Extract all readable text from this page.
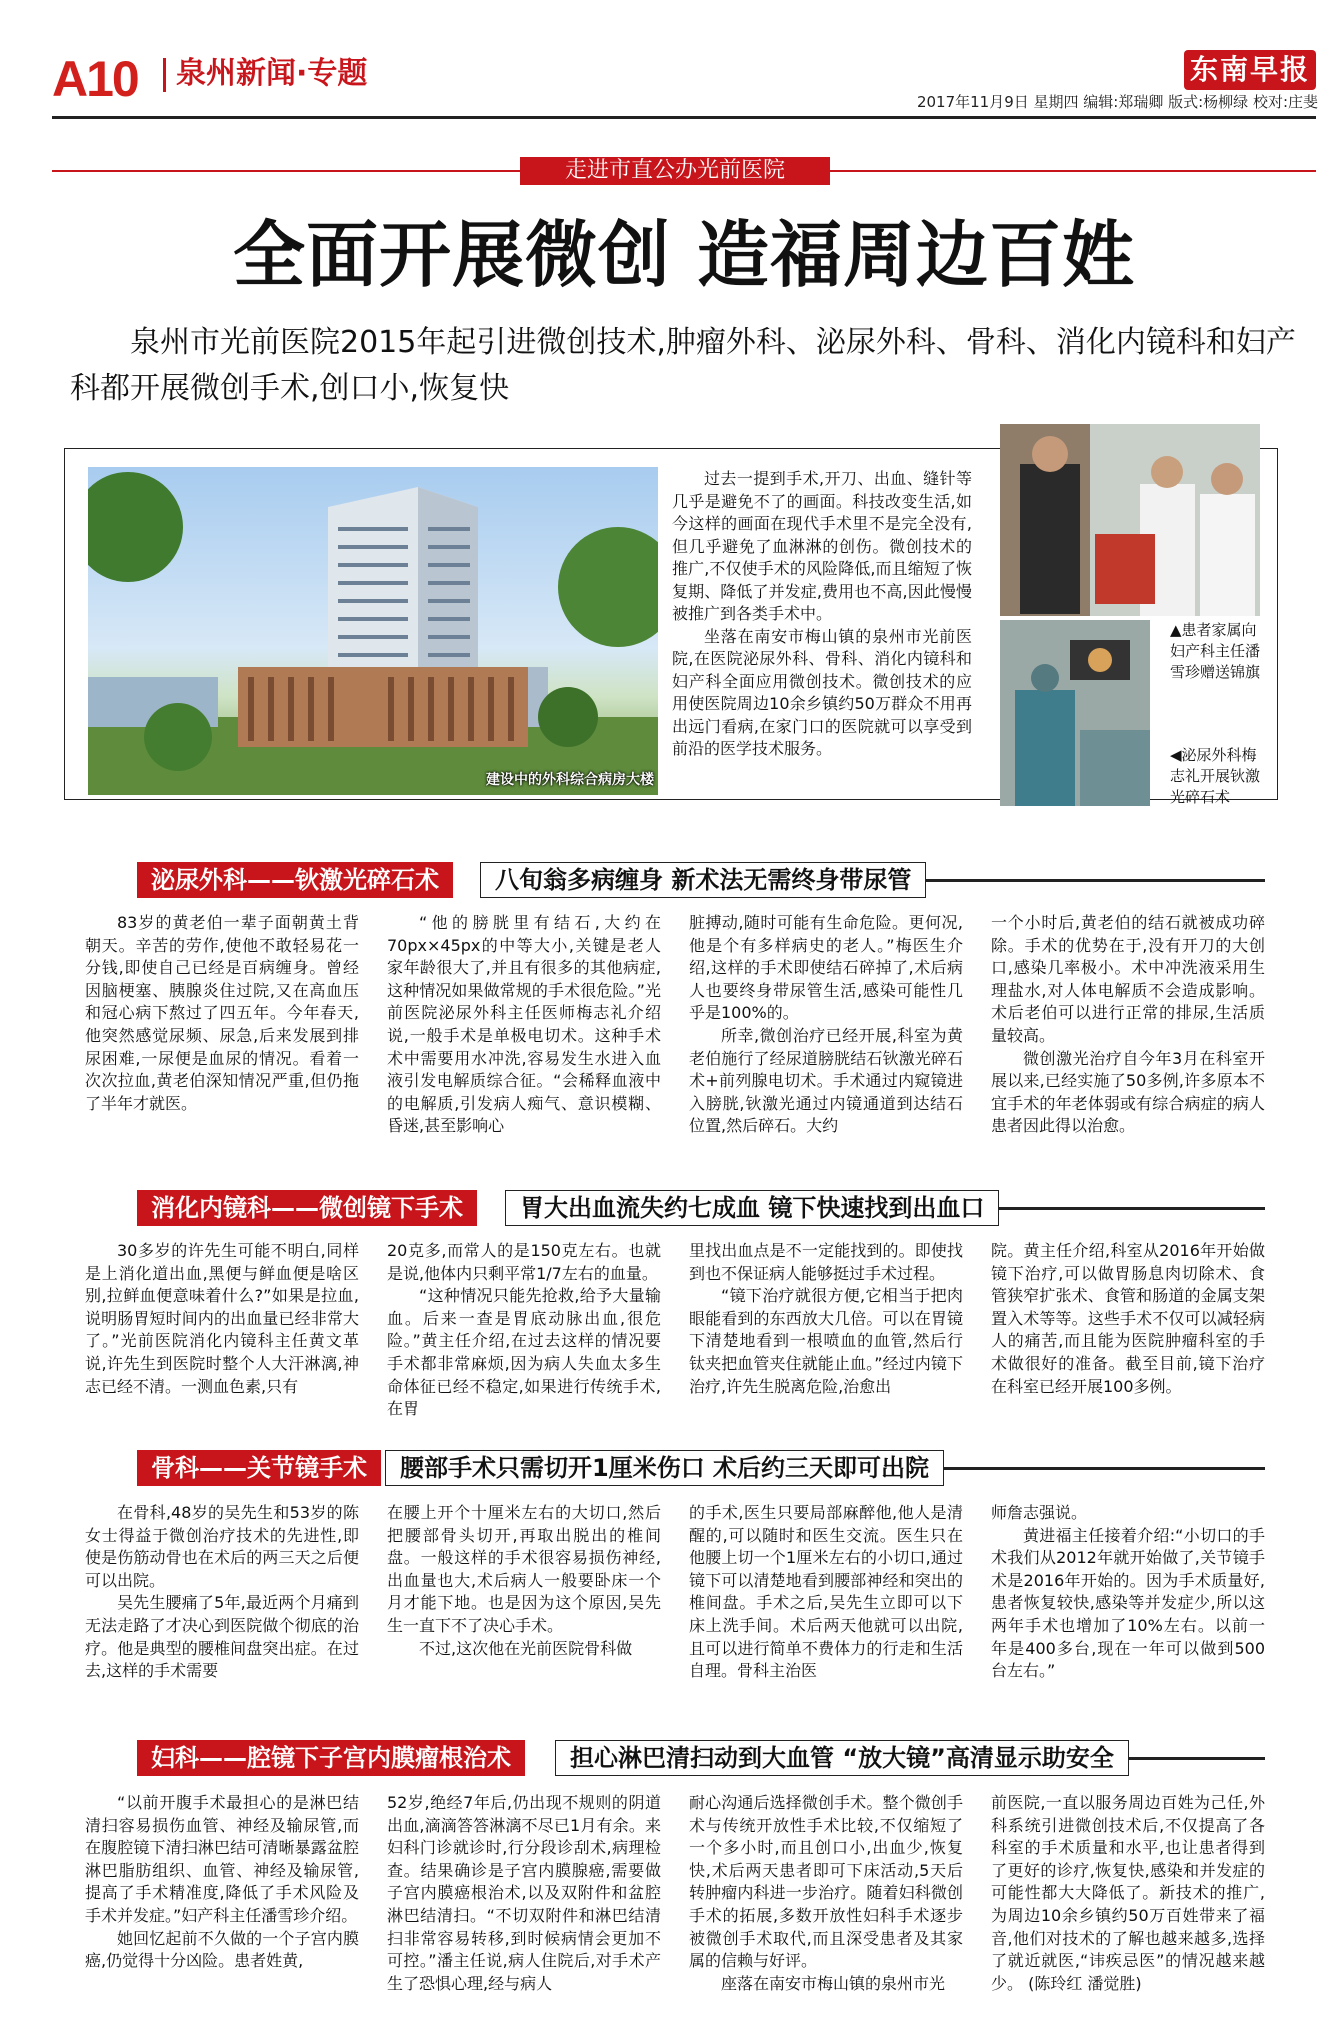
A10	泉州新闻·专题	东南早报
2017年11月9日 星期四 编辑:郑瑞卿 版式:杨柳绿 校对:庄斐
走进市直公办光前医院
全面开展微创 造福周边百姓
泉州市光前医院2015年起引进微创技术,肿瘤外科、泌尿外科、骨科、消化内镜科和妇产科都开展微创手术,创口小,恢复快
建设中的外科综合病房大楼

过去一提到手术,开刀、出血、缝针等几乎是避免不了的画面。科技改变生活,如今这样的画面在现代手术里不是完全没有,但几乎避免了血淋淋的创伤。微创技术的推广,不仅使手术的风险降低,而且缩短了恢复期、降低了并发症,费用也不高,因此慢慢被推广到各类手术中。

坐落在南安市梅山镇的泉州市光前医院,在医院泌尿外科、骨科、消化内镜科和妇产科全面应用微创技术。微创技术的应用使医院周边10余乡镇约50万群众不用再出远门看病,在家门口的医院就可以享受到前沿的医学技术服务。

▲患者家属向妇产科主任潘雪珍赠送锦旗
◀泌尿外科梅志礼开展钬激光碎石术
泌尿外科——钬激光碎石术	八旬翁多病缠身 新术法无需终身带尿管

83岁的黄老伯一辈子面朝黄土背朝天。辛苦的劳作,使他不敢轻易花一分钱,即使自己已经是百病缠身。曾经因脑梗塞、胰腺炎住过院,又在高血压和冠心病下熬过了四五年。今年春天,他突然感觉尿频、尿急,后来发展到排尿困难,一尿便是血尿的情况。看着一次次拉血,黄老伯深知情况严重,但仍拖了半年才就医。

“他的膀胱里有结石,大约在70px×45px的中等大小,关键是老人家年龄很大了,并且有很多的其他病症,这种情况如果做常规的手术很危险。”光前医院泌尿外科主任医师梅志礼介绍说,一般手术是单极电切术。这种手术术中需要用水冲洗,容易发生水进入血液引发电解质综合征。“会稀释血液中的电解质,引发病人痴气、意识模糊、昏迷,甚至影响心

脏搏动,随时可能有生命危险。更何况,他是个有多样病史的老人。”梅医生介绍,这样的手术即使结石碎掉了,术后病人也要终身带尿管生活,感染可能性几乎是100%的。

所幸,微创治疗已经开展,科室为黄老伯施行了经尿道膀胱结石钬激光碎石术+前列腺电切术。手术通过内窥镜进入膀胱,钬激光通过内镜通道到达结石位置,然后碎石。大约

一个小时后,黄老伯的结石就被成功碎除。手术的优势在于,没有开刀的大创口,感染几率极小。术中冲洗液采用生理盐水,对人体电解质不会造成影响。术后老伯可以进行正常的排尿,生活质量较高。

微创激光治疗自今年3月在科室开展以来,已经实施了50多例,许多原本不宜手术的年老体弱或有综合病症的病人患者因此得以治愈。

消化内镜科——微创镜下手术	胃大出血流失约七成血 镜下快速找到出血口

30多岁的许先生可能不明白,同样是上消化道出血,黑便与鲜血便是啥区别,拉鲜血便意味着什么?”如果是拉血,说明肠胃短时间内的出血量已经非常大了。”光前医院消化内镜科主任黄文革说,许先生到医院时整个人大汗淋漓,神志已经不清。一测血色素,只有

20克多,而常人的是150克左右。也就是说,他体内只剩平常1/7左右的血量。

“这种情况只能先抢救,给予大量输血。后来一查是胃底动脉出血,很危险。”黄主任介绍,在过去这样的情况要手术都非常麻烦,因为病人失血太多生命体征已经不稳定,如果进行传统手术,在胃

里找出血点是不一定能找到的。即使找到也不保证病人能够挺过手术过程。

“镜下治疗就很方便,它相当于把肉眼能看到的东西放大几倍。可以在胃镜下清楚地看到一根喷血的血管,然后行钛夹把血管夹住就能止血。”经过内镜下治疗,许先生脱离危险,治愈出

院。黄主任介绍,科室从2016年开始做镜下治疗,可以做胃肠息肉切除术、食管狭窄扩张术、食管和肠道的金属支架置入术等等。这些手术不仅可以减轻病人的痛苦,而且能为医院肿瘤科室的手术做很好的准备。截至目前,镜下治疗在科室已经开展100多例。

骨科——关节镜手术	腰部手术只需切开1厘米伤口 术后约三天即可出院

在骨科,48岁的吴先生和53岁的陈女士得益于微创治疗技术的先进性,即使是伤筋动骨也在术后的两三天之后便可以出院。

吴先生腰痛了5年,最近两个月痛到无法走路了才决心到医院做个彻底的治疗。他是典型的腰椎间盘突出症。在过去,这样的手术需要

在腰上开个十厘米左右的大切口,然后把腰部骨头切开,再取出脱出的椎间盘。一般这样的手术很容易损伤神经,出血量也大,术后病人一般要卧床一个月才能下地。也是因为这个原因,吴先生一直下不了决心手术。

不过,这次他在光前医院骨科做

的手术,医生只要局部麻醉他,他人是清醒的,可以随时和医生交流。医生只在他腰上切一个1厘米左右的小切口,通过镜下可以清楚地看到腰部神经和突出的椎间盘。手术之后,吴先生立即可以下床上洗手间。术后两天他就可以出院,且可以进行简单不费体力的行走和生活自理。骨科主治医

师詹志强说。

黄进福主任接着介绍:“小切口的手术我们从2012年就开始做了,关节镜手术是2016年开始的。因为手术质量好,患者恢复较快,感染等并发症少,所以这两年手术也增加了10%左右。以前一年是400多台,现在一年可以做到500台左右。”

妇科——腔镜下子宫内膜瘤根治术	担心淋巴清扫动到大血管 “放大镜”高清显示助安全

“以前开腹手术最担心的是淋巴结清扫容易损伤血管、神经及输尿管,而在腹腔镜下清扫淋巴结可清晰暴露盆腔淋巴脂肪组织、血管、神经及输尿管,提高了手术精准度,降低了手术风险及手术并发症。”妇产科主任潘雪珍介绍。

她回忆起前不久做的一个子宫内膜癌,仍觉得十分凶险。患者姓黄,

52岁,绝经7年后,仍出现不规则的阴道出血,滴滴答答淋漓不尽已1月有余。来妇科门诊就诊时,行分段诊刮术,病理检查。结果确诊是子宫内膜腺癌,需要做子宫内膜癌根治术,以及双附件和盆腔淋巴结清扫。“不切双附件和淋巴结清扫非常容易转移,到时候病情会更加不可控。”潘主任说,病人住院后,对手术产生了恐惧心理,经与病人

耐心沟通后选择微创手术。整个微创手术与传统开放性手术比较,不仅缩短了一个多小时,而且创口小,出血少,恢复快,术后两天患者即可下床活动,5天后转肿瘤内科进一步治疗。随着妇科微创手术的拓展,多数开放性妇科手术逐步被微创手术取代,而且深受患者及其家属的信赖与好评。

座落在南安市梅山镇的泉州市光

前医院,一直以服务周边百姓为己任,外科系统引进微创技术后,不仅提高了各科室的手术质量和水平,也让患者得到了更好的诊疗,恢复快,感染和并发症的可能性都大大降低了。新技术的推广,为周边10余乡镇约50万百姓带来了福音,他们对技术的了解也越来越多,选择了就近就医,“讳疾忌医”的情况越来越少。 (陈玲红 潘觉胜)
